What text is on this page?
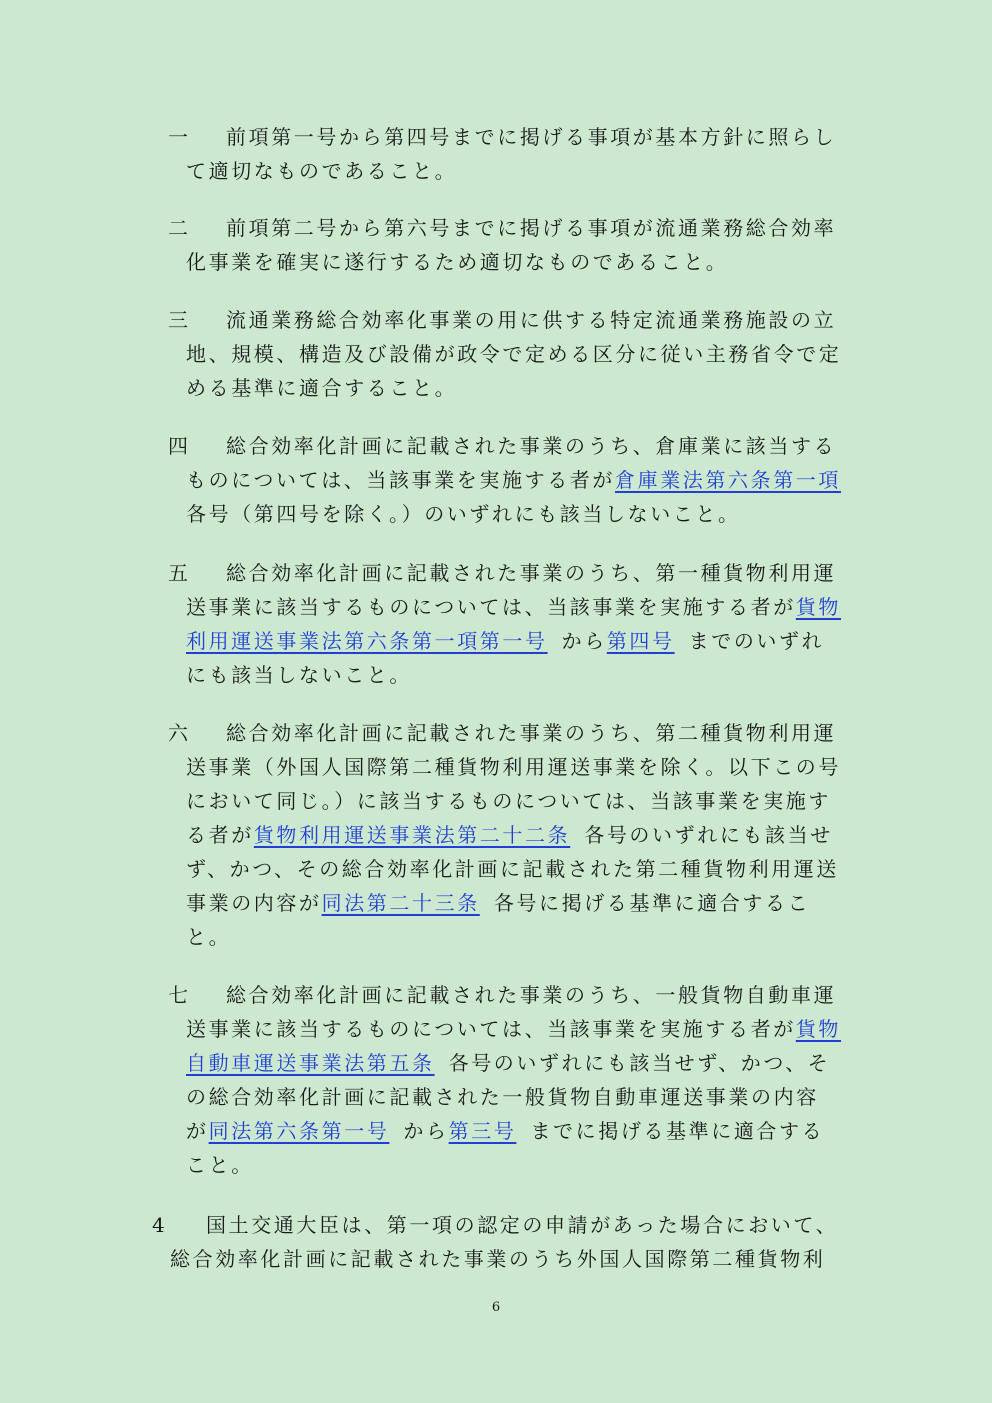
一 前項第一号から第四号までに掲げる事項が基本方針に照らし
て適切なものであること。
二 前項第二号から第六号までに掲げる事項が流通業務総合効率
化事業を確実に遂行するため適切なものであること。
三 流通業務総合効率化事業の用に供する特定流通業務施設の立
地、規模、構造及び設備が政令で定める区分に従い主務省令で定
める基準に適合すること。
四 総合効率化計画に記載された事業のうち、倉庫業に該当する
ものについては、当該事業を実施する者が倉庫業法第六条第一項
各号（第四号を除く。）のいずれにも該当しないこと。
五 総合効率化計画に記載された事業のうち、第一種貨物利用運
送事業に該当するものについては、当該事業を実施する者が貨物
利用運送事業法第六条第一項第一号 から第四号 までのいずれ
にも該当しないこと。
六 総合効率化計画に記載された事業のうち、第二種貨物利用運
送事業（外国人国際第二種貨物利用運送事業を除く。以下この号
において同じ。）に該当するものについては、当該事業を実施す
る者が貨物利用運送事業法第二十二条 各号のいずれにも該当せ
ず、かつ、その総合効率化計画に記載された第二種貨物利用運送
事業の内容が同法第二十三条 各号に掲げる基準に適合するこ
と。
七 総合効率化計画に記載された事業のうち、一般貨物自動車運
送事業に該当するものについては、当該事業を実施する者が貨物
自動車運送事業法第五条 各号のいずれにも該当せず、かつ、そ
の総合効率化計画に記載された一般貨物自動車運送事業の内容
が同法第六条第一号 から第三号 までに掲げる基準に適合する
こと。
4 国土交通大臣は、第一項の認定の申請があった場合において、
総合効率化計画に記載された事業のうち外国人国際第二種貨物利
6
